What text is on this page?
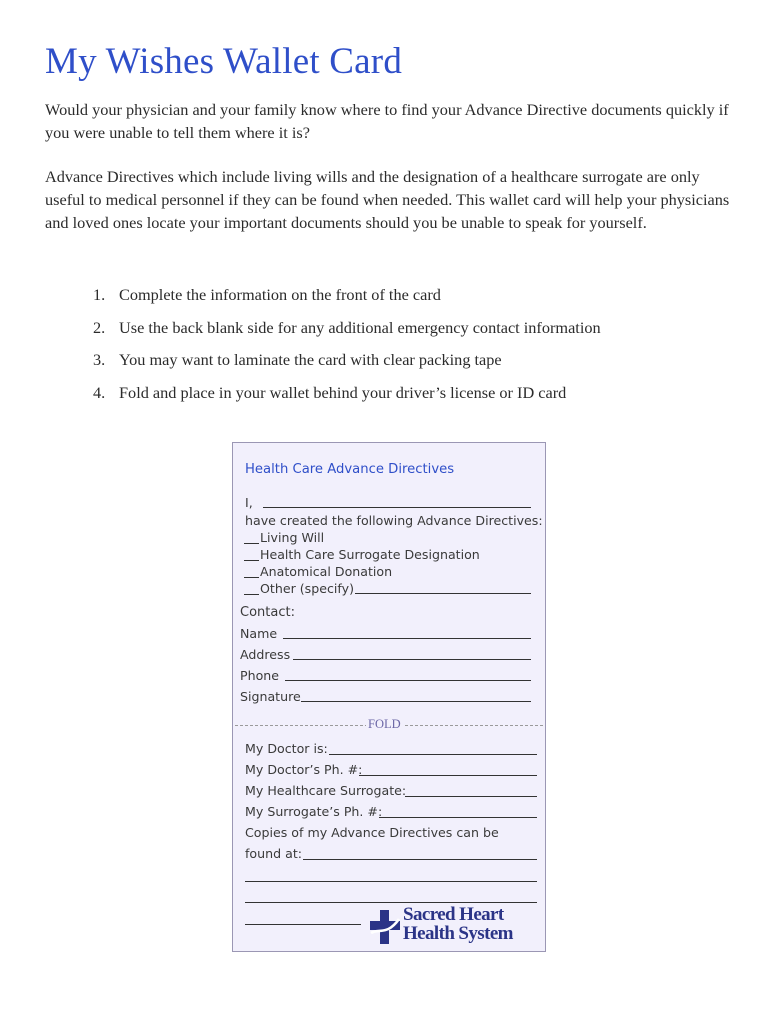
My Wishes Wallet Card

Would your physician and your family know where to find your Advance Directive documents quickly if you were unable to tell them where it is?

Advance Directives which include living wills and the designation of a healthcare surrogate are only useful to medical personnel if they can be found when needed. This wallet card will help your physicians and loved ones locate your important documents should you be unable to speak for yourself.

1. Complete the information on the front of the card
2. Use the back blank side for any additional emergency contact information
3. You may want to laminate the card with clear packing tape
4. Fold and place in your wallet behind your driver’s license or ID card
Health Care Advance Directives
I,
have created the following Advance Directives:
Living Will
Health Care Surrogate Designation
Anatomical Donation
Other (specify)
Contact:
Name
Address
Phone
Signature
FOLD
My Doctor is:
My Doctor’s Ph. #:
My Healthcare Surrogate:
My Surrogate’s Ph. #:
Copies of my Advance Directives can be
found at:
Sacred Heart
Health System
